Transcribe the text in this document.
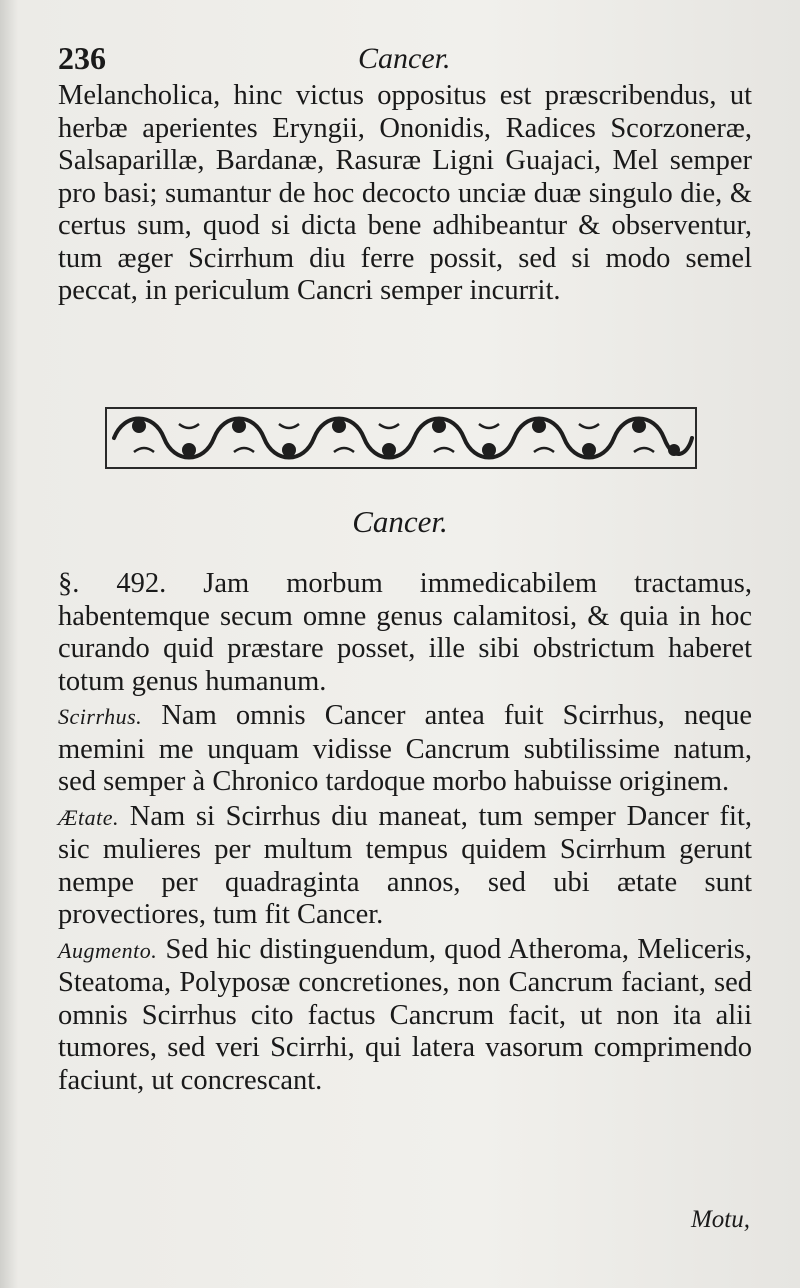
236	Cancer.

Melancholica, hinc victus oppositus est præscribendus, ut herbæ aperientes Eryngii, Ononidis, Radices Scorzoneræ, Salsaparillæ, Bardanæ, Rasuræ Ligni Guajaci, Mel semper pro basi; sumantur de hoc decocto unciæ duæ singulo die, & certus sum, quod si dicta bene adhibeantur & observentur, tum æger Scirrhum diu ferre possit, sed si modo semel peccat, in periculum Cancri semper incurrit.

Cancer.

§. 492. Jam morbum immedicabilem tractamus, habentemque secum omne genus calamitosi, & quia in hoc curando quid præstare posset, ille sibi obstrictum haberet totum genus humanum.

Scirrhus. Nam omnis Cancer antea fuit Scirrhus, neque memini me unquam vidisse Cancrum subtilissime natum, sed semper à Chronico tardoque morbo habuisse originem.

Ætate. Nam si Scirrhus diu maneat, tum semper Dancer fit, sic mulieres per multum tempus quidem Scirrhum gerunt nempe per quadraginta annos, sed ubi ætate sunt provectiores, tum fit Cancer.

Augmento. Sed hic distinguendum, quod Atheroma, Meliceris, Steatoma, Polyposæ concretiones, non Cancrum faciant, sed omnis Scirrhus cito factus Cancrum facit, ut non ita alii tumores, sed veri Scirrhi, qui latera vasorum comprimendo faciunt, ut concrescant.

Motu,
